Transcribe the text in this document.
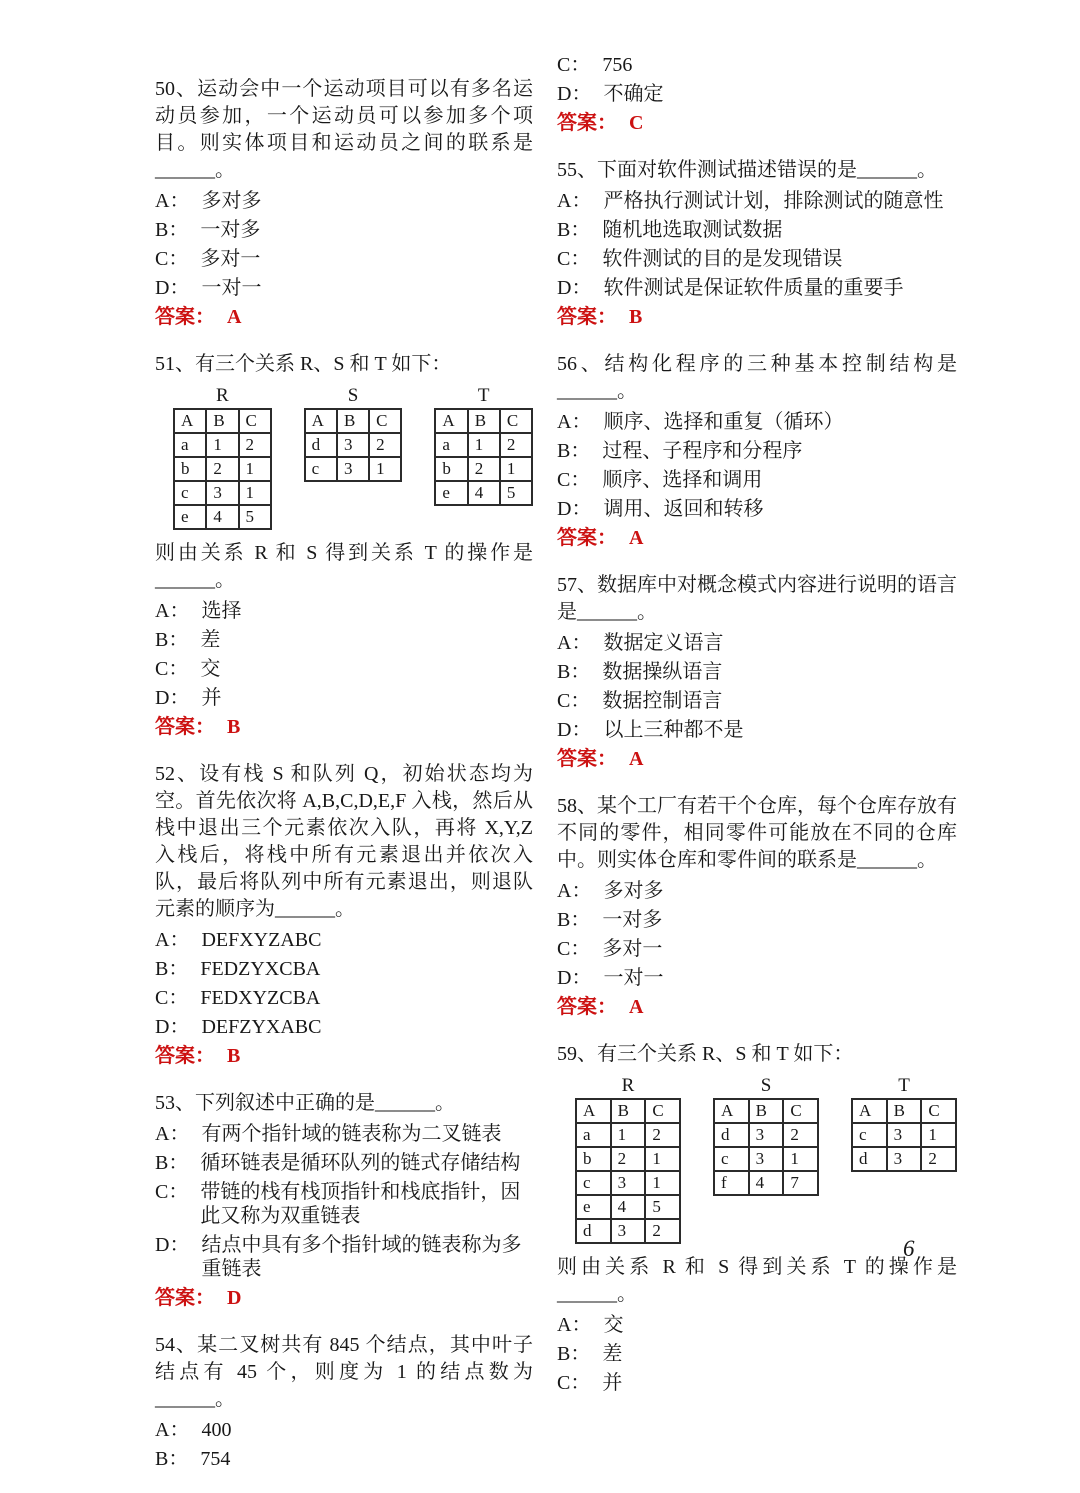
50、运动会中一个运动项目可以有多名运动员参加，一个运动员可以参加多个项目。则实体项目和运动员之间的联系是______。
A： 多对多
B： 一对多
C： 多对一
D： 一对一
答案： A
51、有三个关系 R、S 和 T 如下：
R
A	B	C
a	1	2
b	2	1
c	3	1
e	4	5
S
A	B	C
d	3	2
c	3	1
T
A	B	C
a	1	2
b	2	1
e	4	5
则由关系 R 和 S 得到关系 T 的操作是______。
A： 选择
B： 差
C： 交
D： 并
答案： B
52、设有栈 S 和队列 Q，初始状态均为空。首先依次将 A,B,C,D,E,F 入栈，然后从栈中退出三个元素依次入队，再将 X,Y,Z 入栈后，将栈中所有元素退出并依次入队，最后将队列中所有元素退出，则退队元素的顺序为______。
A： DEFXYZABC
B： FEDZYXCBA
C： FEDXYZCBA
D： DEFZYXABC
答案： B
53、下列叙述中正确的是______。
A： 有两个指针域的链表称为二叉链表
B： 循环链表是循环队列的链式存储结构
C： 带链的栈有栈顶指针和栈底指针，因此又称为双重链表
D： 结点中具有多个指针域的链表称为多重链表
答案： D
54、某二叉树共有 845 个结点，其中叶子结点有 45 个，则度为 1 的结点数为______。
A： 400
B： 754
C： 756
D： 不确定
答案： C
55、下面对软件测试描述错误的是______。
A： 严格执行测试计划，排除测试的随意性
B： 随机地选取测试数据
C： 软件测试的目的是发现错误
D： 软件测试是保证软件质量的重要手
答案： B
56、结构化程序的三种基本控制结构是______。
A： 顺序、选择和重复（循环）
B： 过程、子程序和分程序
C： 顺序、选择和调用
D： 调用、返回和转移
答案： A
57、数据库中对概念模式内容进行说明的语言是______。
A： 数据定义语言
B： 数据操纵语言
C： 数据控制语言
D： 以上三种都不是
答案： A
58、某个工厂有若干个仓库，每个仓库存放有不同的零件，相同零件可能放在不同的仓库中。则实体仓库和零件间的联系是______。
A： 多对多
B： 一对多
C： 多对一
D： 一对一
答案： A
59、有三个关系 R、S 和 T 如下：
R
A	B	C
a	1	2
b	2	1
c	3	1
e	4	5
d	3	2
S
A	B	C
d	3	2
c	3	1
f	4	7
T
A	B	C
c	3	1
d	3	2
则由关系 R 和 S 得到关系 T 的操作是______。
A： 交
B： 差
C： 并
6
